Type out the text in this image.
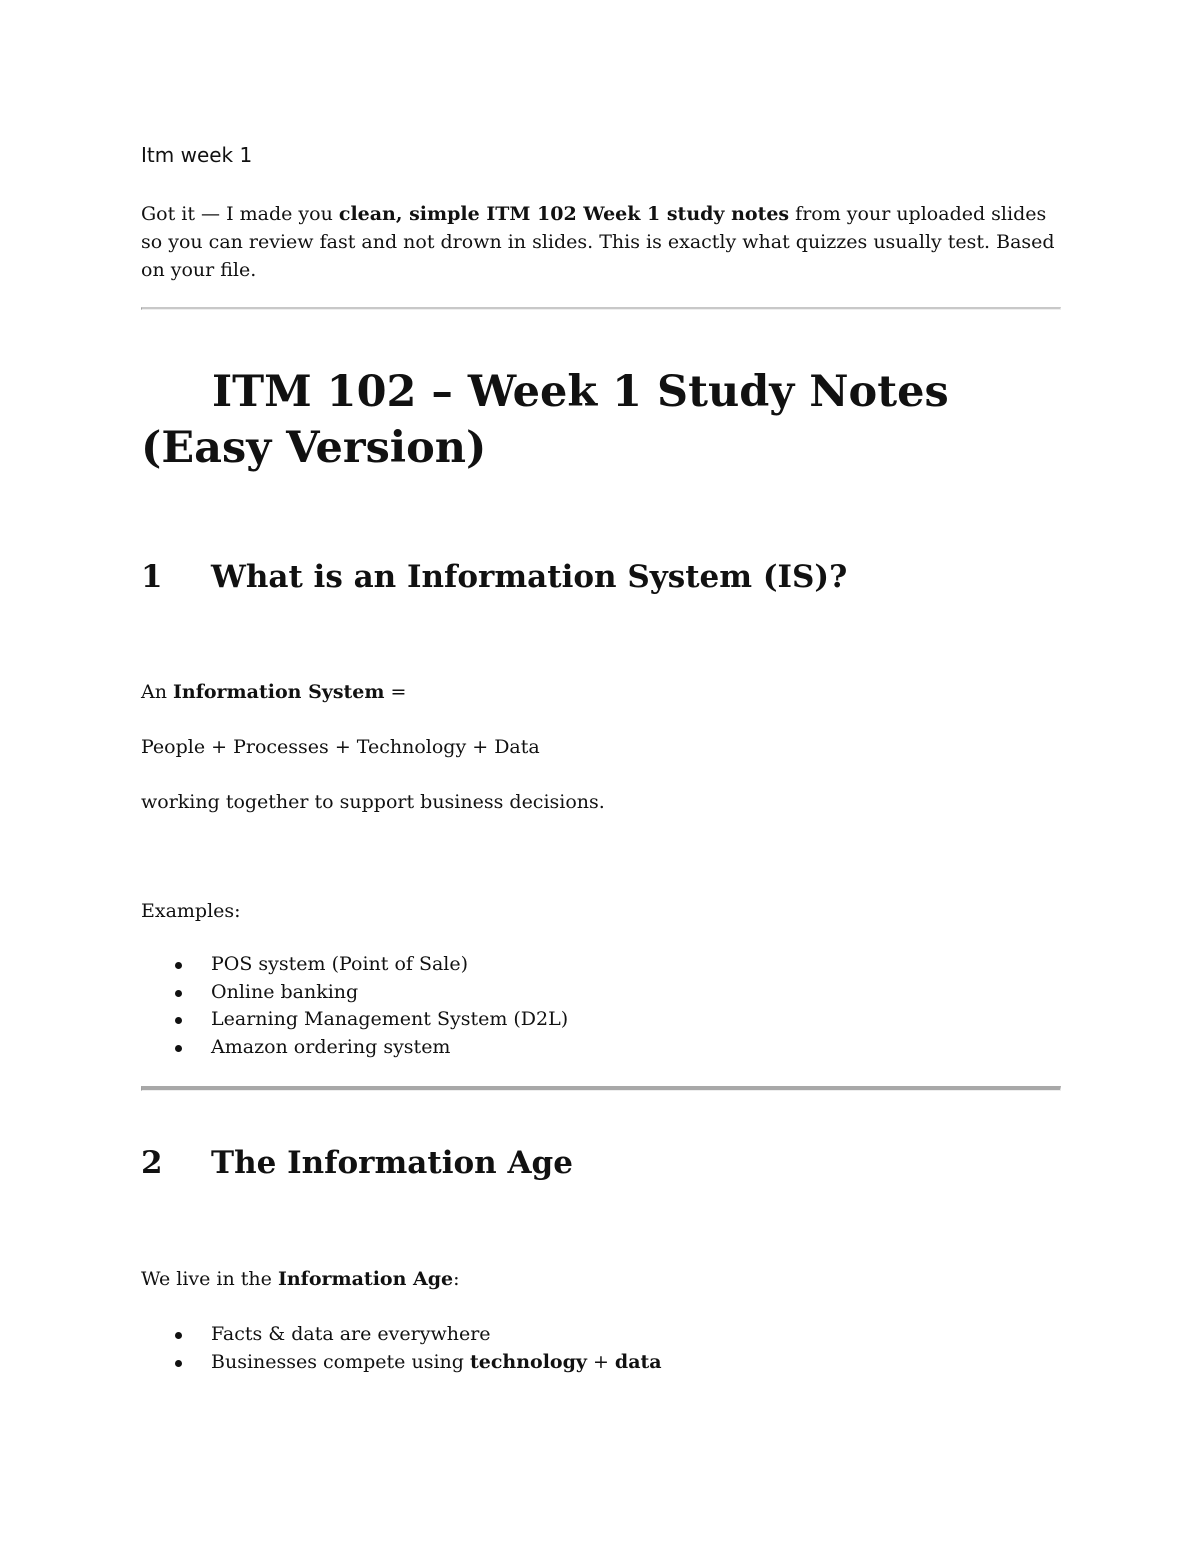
Itm week 1

Got it — I made you clean, simple ITM 102 Week 1 study notes from your uploaded slides so you can review fast and not drown in slides. This is exactly what quizzes usually test. Based on your file.

ITM 102 – Week 1 Study Notes (Easy Version)
1 What is an Information System (IS)?

An Information System =

People + Processes + Technology + Data

working together to support business decisions.

Examples:

POS system (Point of Sale)
Online banking
Learning Management System (D2L)
Amazon ordering system
2 The Information Age

We live in the Information Age:

Facts & data are everywhere
Businesses compete using technology + data
